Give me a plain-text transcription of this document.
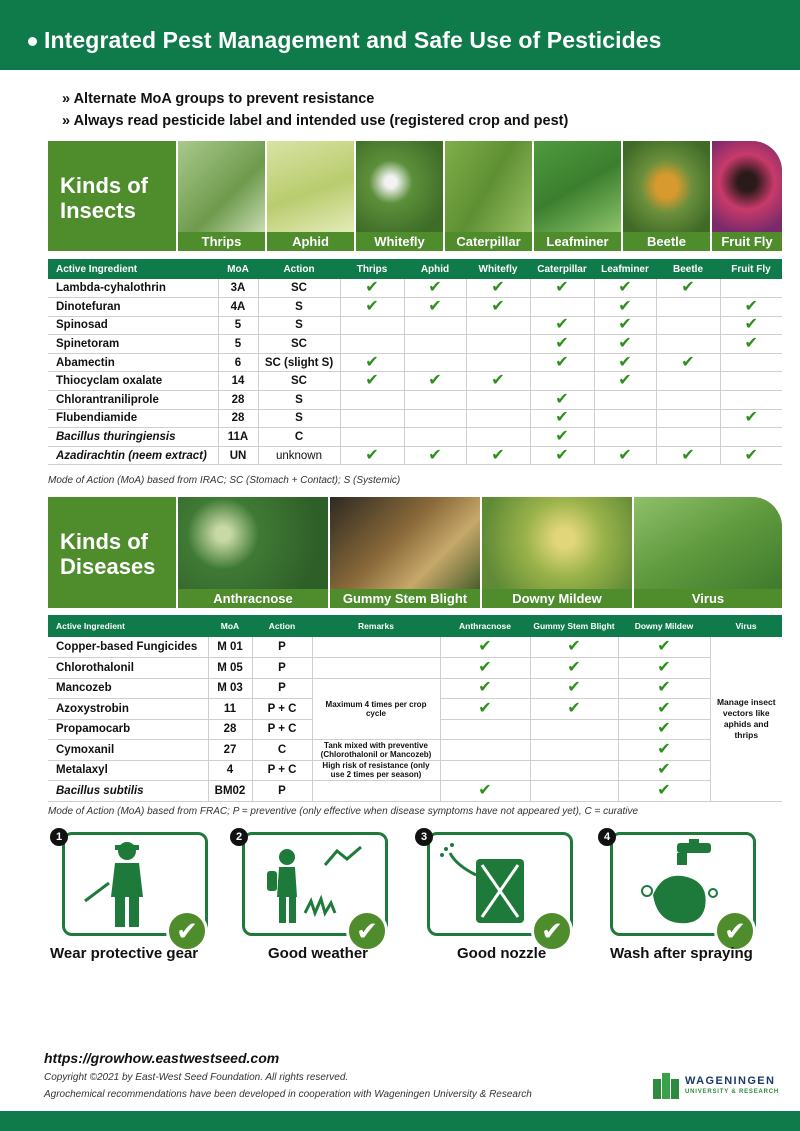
Integrated Pest Management and Safe Use of Pesticides
» Alternate MoA groups to prevent resistance
» Always read pesticide label and intended use (registered crop and pest)
Kinds of
Insects
Thrips	Aphid	Whitefly	Caterpillar	Leafminer	Beetle	Fruit Fly
Active Ingredient	MoA	Action	Thrips	Aphid	Whitefly	Caterpillar	Leafminer	Beetle	Fruit Fly
Lambda-cyhalothrin	3A	SC	✔	✔	✔	✔	✔	✔	
Dinotefuran	4A	S	✔	✔	✔		✔		✔
Spinosad	5	S				✔	✔		✔
Spinetoram	5	SC				✔	✔		✔
Abamectin	6	SC (slight S)	✔			✔	✔	✔	
Thiocyclam oxalate	14	SC	✔	✔	✔		✔		
Chlorantraniliprole	28	S				✔			
Flubendiamide	28	S				✔			✔
Bacillus thuringiensis	11A	C				✔			
Azadirachtin (neem extract)	UN	unknown	✔	✔	✔	✔	✔	✔	✔
Mode of Action (MoA) based from IRAC; SC (Stomach + Contact); S (Systemic)
Kinds of
Diseases
Anthracnose	Gummy Stem Blight	Downy Mildew	Virus
Active Ingredient	MoA	Action	Remarks	Anthracnose	Gummy Stem Blight	Downy Mildew	Virus
Copper-based Fungicides	M 01	P		✔	✔	✔	Manage insect vectors like aphids and thrips
Chlorothalonil	M 05	P		✔	✔	✔	
Mancozeb	M 03	P	Maximum 4 times per crop cycle	✔	✔	✔	
Azoxystrobin	11	P + C		✔	✔	✔	
Propamocarb	28	P + C				✔	
Cymoxanil	27	C	Tank mixed with preventive (Chlorothalonil or Mancozeb)			✔	
Metalaxyl	4	P + C	High risk of resistance (only use 2 times per season)			✔	
Bacillus subtilis	BM02	P		✔		✔	
Mode of Action (MoA) based from FRAC; P = preventive (only effective when disease symptoms have not appeared yet), C = curative
1
✔
Wear protective gear
2
✔
Good weather
3
✔
Good nozzle
4
✔
Wash after spraying
https://growhow.eastwestseed.com
Copyright ©2021 by East-West Seed Foundation. All rights reserved.
Agrochemical recommendations have been developed in cooperation with Wageningen University & Research
WAGENINGEN
UNIVERSITY & RESEARCH
